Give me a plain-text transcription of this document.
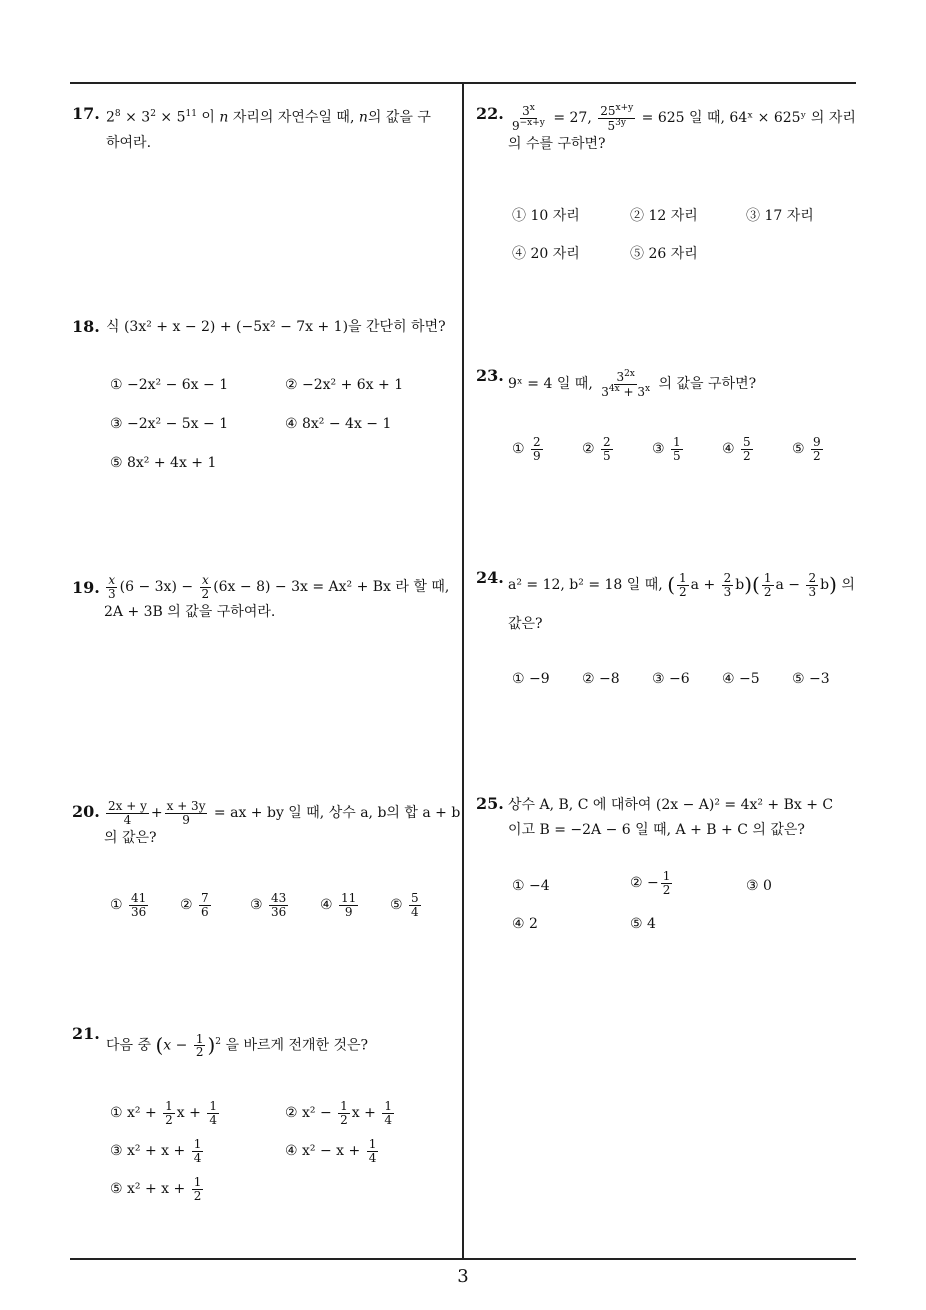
17. $2^8 \times 3^2 \times 5^{11}$ 이 n 자리의 자연수일 때, n의 값을 구
하여라.
18. 식 (3x² + x − 2) + (−5x² − 7x + 1)을 간단히 하면?
① −2x² − 6x − 1	② −2x² + 6x + 1
③ −2x² − 5x − 1	④ 8x² − 4x − 1
⑤ 8x² + 4x + 1
19. $\frac{x}{3} (6 - 3x) - \frac{x}{2} (6x - 8) - 3x = Ax^2 + Bx$ 라 할 때,
2A + 3B 의 값을 구하여라.
20. $\frac{2x + y}{4} + \frac{x + 3y}{9}$ = ax + by 일 때, 상수 a, b의 합 a + b
의 값은?
① $\frac{41}{36}$ ② $\frac{7}{6}$	③ $\frac{43}{36}$ ④ $\frac{11}{9}$ ⑤ $\frac{5}{4}$
21.
다음 중 $(x - \frac{1}{2} )^2$ 을 바르게 전개한 것은?
① $x^2 + \frac{1}{2}$ $x + \frac{1}{4}$	② $x^2 - \frac{1}{2}$ $x + \frac{1}{4}$
③ $x^2 + x + \frac{1}{4}$	④ $x^2 - x + \frac{1}{4}$
⑤ $x^2 + x + \frac{1}{2}$
22. $\frac{3^x}{9^{-x+y}} = 27$, $\frac{25^{x+y}}{5^{3y}} = 625$ 일 때, 64ˣ × 625ʸ 의 자리
의 수를 구하면?
① 10 자리	② 12 자리	③ 17 자리
④ 20 자리	⑤ 26 자리
23. 9ˣ = 4 일 때, $\frac{3^{2x}}{3^{4x} + 3^x}$ 의 값을 구하면?
① $\frac{2}{9}$	② $\frac{2}{5}$	③ $\frac{1}{5}$	④ $\frac{5}{2}$	⑤ $\frac{9}{2}$
24. a² = 12, b² = 18 일 때, ( $\frac{1}{2}$ $a + \frac{2}{3} b)( \frac{1}{2}$ $a - \frac{2}{3} b$) 의
값은?
① −9 ② −8 ③ −6 ④ −5 ⑤ −3
25. 상수 A, B, C 에 대하여 (2x − A)² = 4x² + Bx + C
이고 B = −2A − 6 일 때, A + B + C 의 값은?
① −4	② − $\frac{1}{2}$	③ 0
④ 2	⑤ 4
3
